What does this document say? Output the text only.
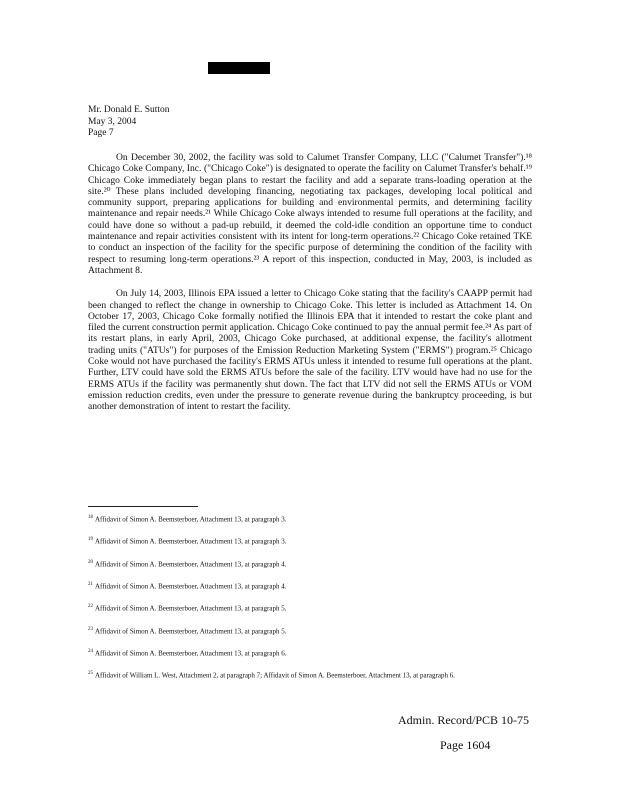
Mr. Donald E. Sutton
May 3, 2004
Page 7

On December 30, 2002, the facility was sold to Calumet Transfer Company, LLC ("Calumet Transfer").¹⁸ Chicago Coke Company, Inc. ("Chicago Coke") is designated to operate the facility on Calumet Transfer's behalf.¹⁹ Chicago Coke immediately began plans to restart the facility and add a separate trans-loading operation at the site.²⁰ These plans included developing financing, negotiating tax packages, developing local political and community support, preparing applications for building and environmental permits, and determining facility maintenance and repair needs.²¹ While Chicago Coke always intended to resume full operations at the facility, and could have done so without a pad-up rebuild, it deemed the cold-idle condition an opportune time to conduct maintenance and repair activities consistent with its intent for long-term operations.²² Chicago Coke retained TKE to conduct an inspection of the facility for the specific purpose of determining the condition of the facility with respect to resuming long-term operations.²³ A report of this inspection, conducted in May, 2003, is included as Attachment 8.

On July 14, 2003, Illinois EPA issued a letter to Chicago Coke stating that the facility's CAAPP permit had been changed to reflect the change in ownership to Chicago Coke. This letter is included as Attachment 14. On October 17, 2003, Chicago Coke formally notified the Illinois EPA that it intended to restart the coke plant and filed the current construction permit application. Chicago Coke continued to pay the annual permit fee.²⁴ As part of its restart plans, in early April, 2003, Chicago Coke purchased, at additional expense, the facility's allotment trading units ("ATUs") for purposes of the Emission Reduction Marketing System ("ERMS") program.²⁵ Chicago Coke would not have purchased the facility's ERMS ATUs unless it intended to resume full operations at the plant. Further, LTV could have sold the ERMS ATUs before the sale of the facility. LTV would have had no use for the ERMS ATUs if the facility was permanently shut down. The fact that LTV did not sell the ERMS ATUs or VOM emission reduction credits, even under the pressure to generate revenue during the bankruptcy proceeding, is but another demonstration of intent to restart the facility.

$^{18}$ Affidavit of Simon A. Beemsterboer, Attachment 13, at paragraph 3.
$^{19}$ Affidavit of Simon A. Beemsterboer, Attachment 13, at paragraph 3.
$^{20}$ Affidavit of Simon A. Beemsterboer, Attachment 13, at paragraph 4.
$^{21}$ Affidavit of Simon A. Beemsterboer, Attachment 13, at paragraph 4.
$^{22}$ Affidavit of Simon A. Beemsterboer, Attachment 13, at paragraph 5.
$^{23}$ Affidavit of Simon A. Beemsterboer, Attachment 13, at paragraph 5.
$^{24}$ Affidavit of Simon A. Beemsterboer, Attachment 13, at paragraph 6.
$^{25}$ Affidavit of William L. West, Attachment 2, at paragraph 7; Affidavit of Simon A. Beemsterboer, Attachment 13, at paragraph 6.
Admin. Record/PCB 10-75
Page 1604
